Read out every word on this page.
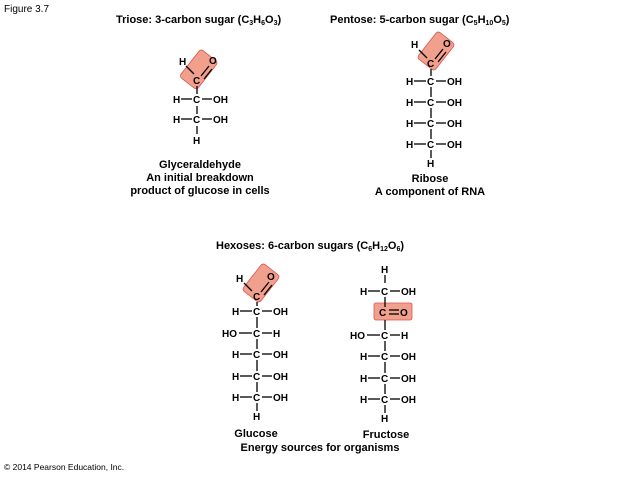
Figure 3.7
Triose: 3-carbon sugar $(C_3H_6O_3)$	Pentose: 5-carbon sugar $(C_5H_{10}O_5)$
Hexoses: 6-carbon sugars $(C_6H_{12}O_6)$
Glyceraldehyde
An initial breakdown
product of glucose in cells
Ribose
A component of RNA
Glucose	Fructose
Energy sources for organisms
© 2014 Pearson Education, Inc.
H
C
O
H C OH
H C OH
H
H
C
O
H C OH
H C OH
H C OH
H C OH
H
H
C
O
H C OH
HO C H
H C OH
H C OH
H C OH
H
H
H C OH
C O
HO C H
H C OH
H C OH
H C OH
H
